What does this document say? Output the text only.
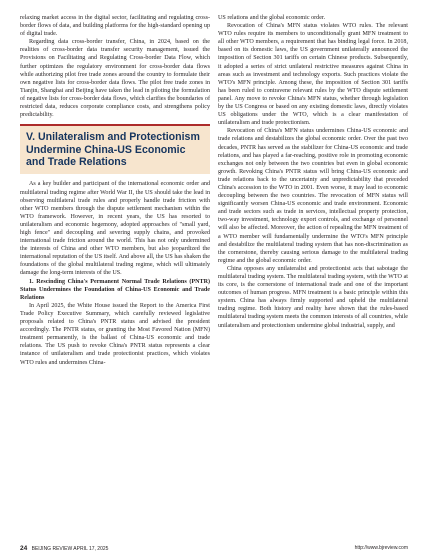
relaxing market access in the digital sector, facilitating and regulating cross-border flows of data, and building platforms for the high-standard opening up of digital trade.

Regarding data cross-border transfer, China, in 2024, based on the realities of cross-border data transfer security management, issued the Provisions on Facilitating and Regulating Cross-border Data Flow, which further optimizes the regulatory environment for cross-border data flows while authorizing pilot free trade zones around the country to formulate their own negative lists for cross-border data flows. The pilot free trade zones in Tianjin, Shanghai and Beijing have taken the lead in piloting the formulation of negative lists for cross-border data flows, which clarifies the boundaries of restricted data, reduces corporate compliance costs, and strengthens policy predictability.

V. Unilateralism and Protectionism Undermine China-US Economic and Trade Relations

As a key builder and participant of the international economic order and multilateral trading regime after World War II, the US should take the lead in observing multilateral trade rules and properly handle trade friction with other WTO members through the dispute settlement mechanism within the WTO framework. However, in recent years, the US has resorted to unilateralism and economic hegemony, adopted approaches of "small yard, high fence" and decoupling and severing supply chains, and provoked international trade friction around the world. This has not only undermined the interests of China and other WTO members, but also jeopardized the international reputation of the US itself. And above all, the US has shaken the foundations of the global multilateral trading regime, which will ultimately damage the long-term interests of the US.

1. Rescinding China's Permanent Normal Trade Relations (PNTR) Status Undermines the Foundation of China-US Economic and Trade Relations

In April 2025, the White House issued the Report to the America First Trade Policy Executive Summary, which carefully reviewed legislative proposals related to China's PNTR status and advised the president accordingly. The PNTR status, or granting the Most Favored Nation (MFN) treatment permanently, is the ballast of China-US economic and trade relations. The US push to revoke China's PNTR status represents a clear instance of unilateralism and trade protectionist practices, which violates WTO rules and undermines China-

US relations and the global economic order.

Revocation of China's MFN status violates WTO rules. The relevant WTO rules require its members to unconditionally grant MFN treatment to all other WTO members, a requirement that has binding legal force. In 2018, based on its domestic laws, the US government unilaterally announced the imposition of Section 301 tariffs on certain Chinese products. Subsequently, it adopted a series of strict unilateral restrictive measures against China in areas such as investment and technology exports. Such practices violate the WTO's MFN principle. Among these, the imposition of Section 301 tariffs has been ruled to contravene relevant rules by the WTO dispute settlement panel. Any move to revoke China's MFN status, whether through legislation by the US Congress or based on any existing domestic laws, directly violates US obligations under the WTO, which is a clear manifestation of unilateralism and trade protectionism.

Revocation of China's MFN status undermines China-US economic and trade relations and destabilizes the global economic order. Over the past two decades, PNTR has served as the stabilizer for China-US economic and trade relations, and has played a far-reaching, positive role in promoting economic exchanges not only between the two countries but even in global economic growth. Revoking China's PNTR status will bring China-US economic and trade relations back to the uncertainty and unpredictability that preceded China's accession to the WTO in 2001. Even worse, it may lead to economic decoupling between the two countries. The revocation of MFN status will significantly worsen China-US economic and trade environment. Economic and trade sectors such as trade in services, intellectual property protection, two-way investment, technology export controls, and exchange of personnel will also be affected. Moreover, the action of repealing the MFN treatment of a WTO member will fundamentally undermine the WTO's MFN principle and destabilize the multilateral trading system that has non-discrimination as the cornerstone, thereby causing serious damage to the multilateral trading regime and the global economic order.

China opposes any unilateralist and protectionist acts that sabotage the multilateral trading system. The multilateral trading system, with the WTO at its core, is the cornerstone of international trade and one of the important outcomes of human progress. MFN treatment is a basic principle within this system. China has always firmly supported and upheld the multilateral trading regime. Both history and reality have shown that the rules-based multilateral trading system meets the common interests of all countries, while unilateralism and protectionism undermine global industrial, supply, and

24 BEIJING REVIEW APRIL 17, 2025	http://www.bjreview.com
